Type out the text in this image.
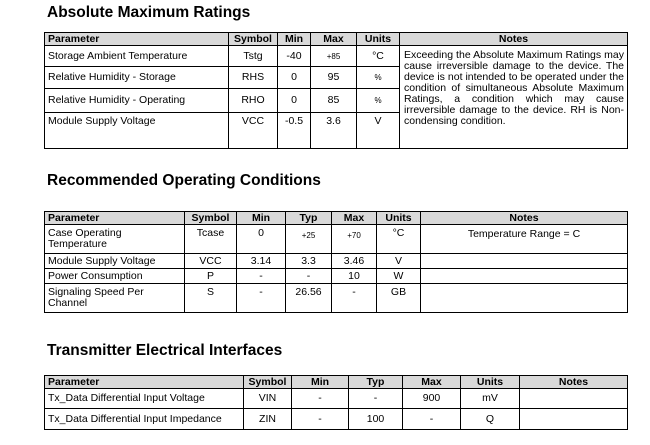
Absolute Maximum Ratings
Parameter	Symbol	Min	Max	Units	Notes
Storage Ambient Temperature	Tstg	-40	+85	°C	Exceeding the Absolute Maximum Ratings may cause irreversible damage to the device. The device is not intended to be operated under the condition of simultaneous Absolute Maximum Ratings, a condition which may cause irreversible damage to the device. RH is Non-condensing condition.
Relative Humidity - Storage	RHS	0	95	%	
Relative Humidity - Operating	RHO	0	85	%	
Module Supply Voltage	VCC	-0.5	3.6	V	
Recommended Operating Conditions
Parameter	Symbol	Min	Typ	Max	Units	Notes
Case Operating Temperature	Tcase	0	+25	+70	°C	Temperature Range = C
Module Supply Voltage	VCC	3.14	3.3	3.46	V	
Power Consumption	P	-	-	10	W	
Signaling Speed Per Channel	S	-	26.56	-	GB	
Transmitter Electrical Interfaces
Parameter	Symbol	Min	Typ	Max	Units	Notes
Tx_Data Differential Input Voltage	VIN	-	-	900	mV	
Tx_Data Differential Input Impedance	ZIN	-	100	-	Q	
